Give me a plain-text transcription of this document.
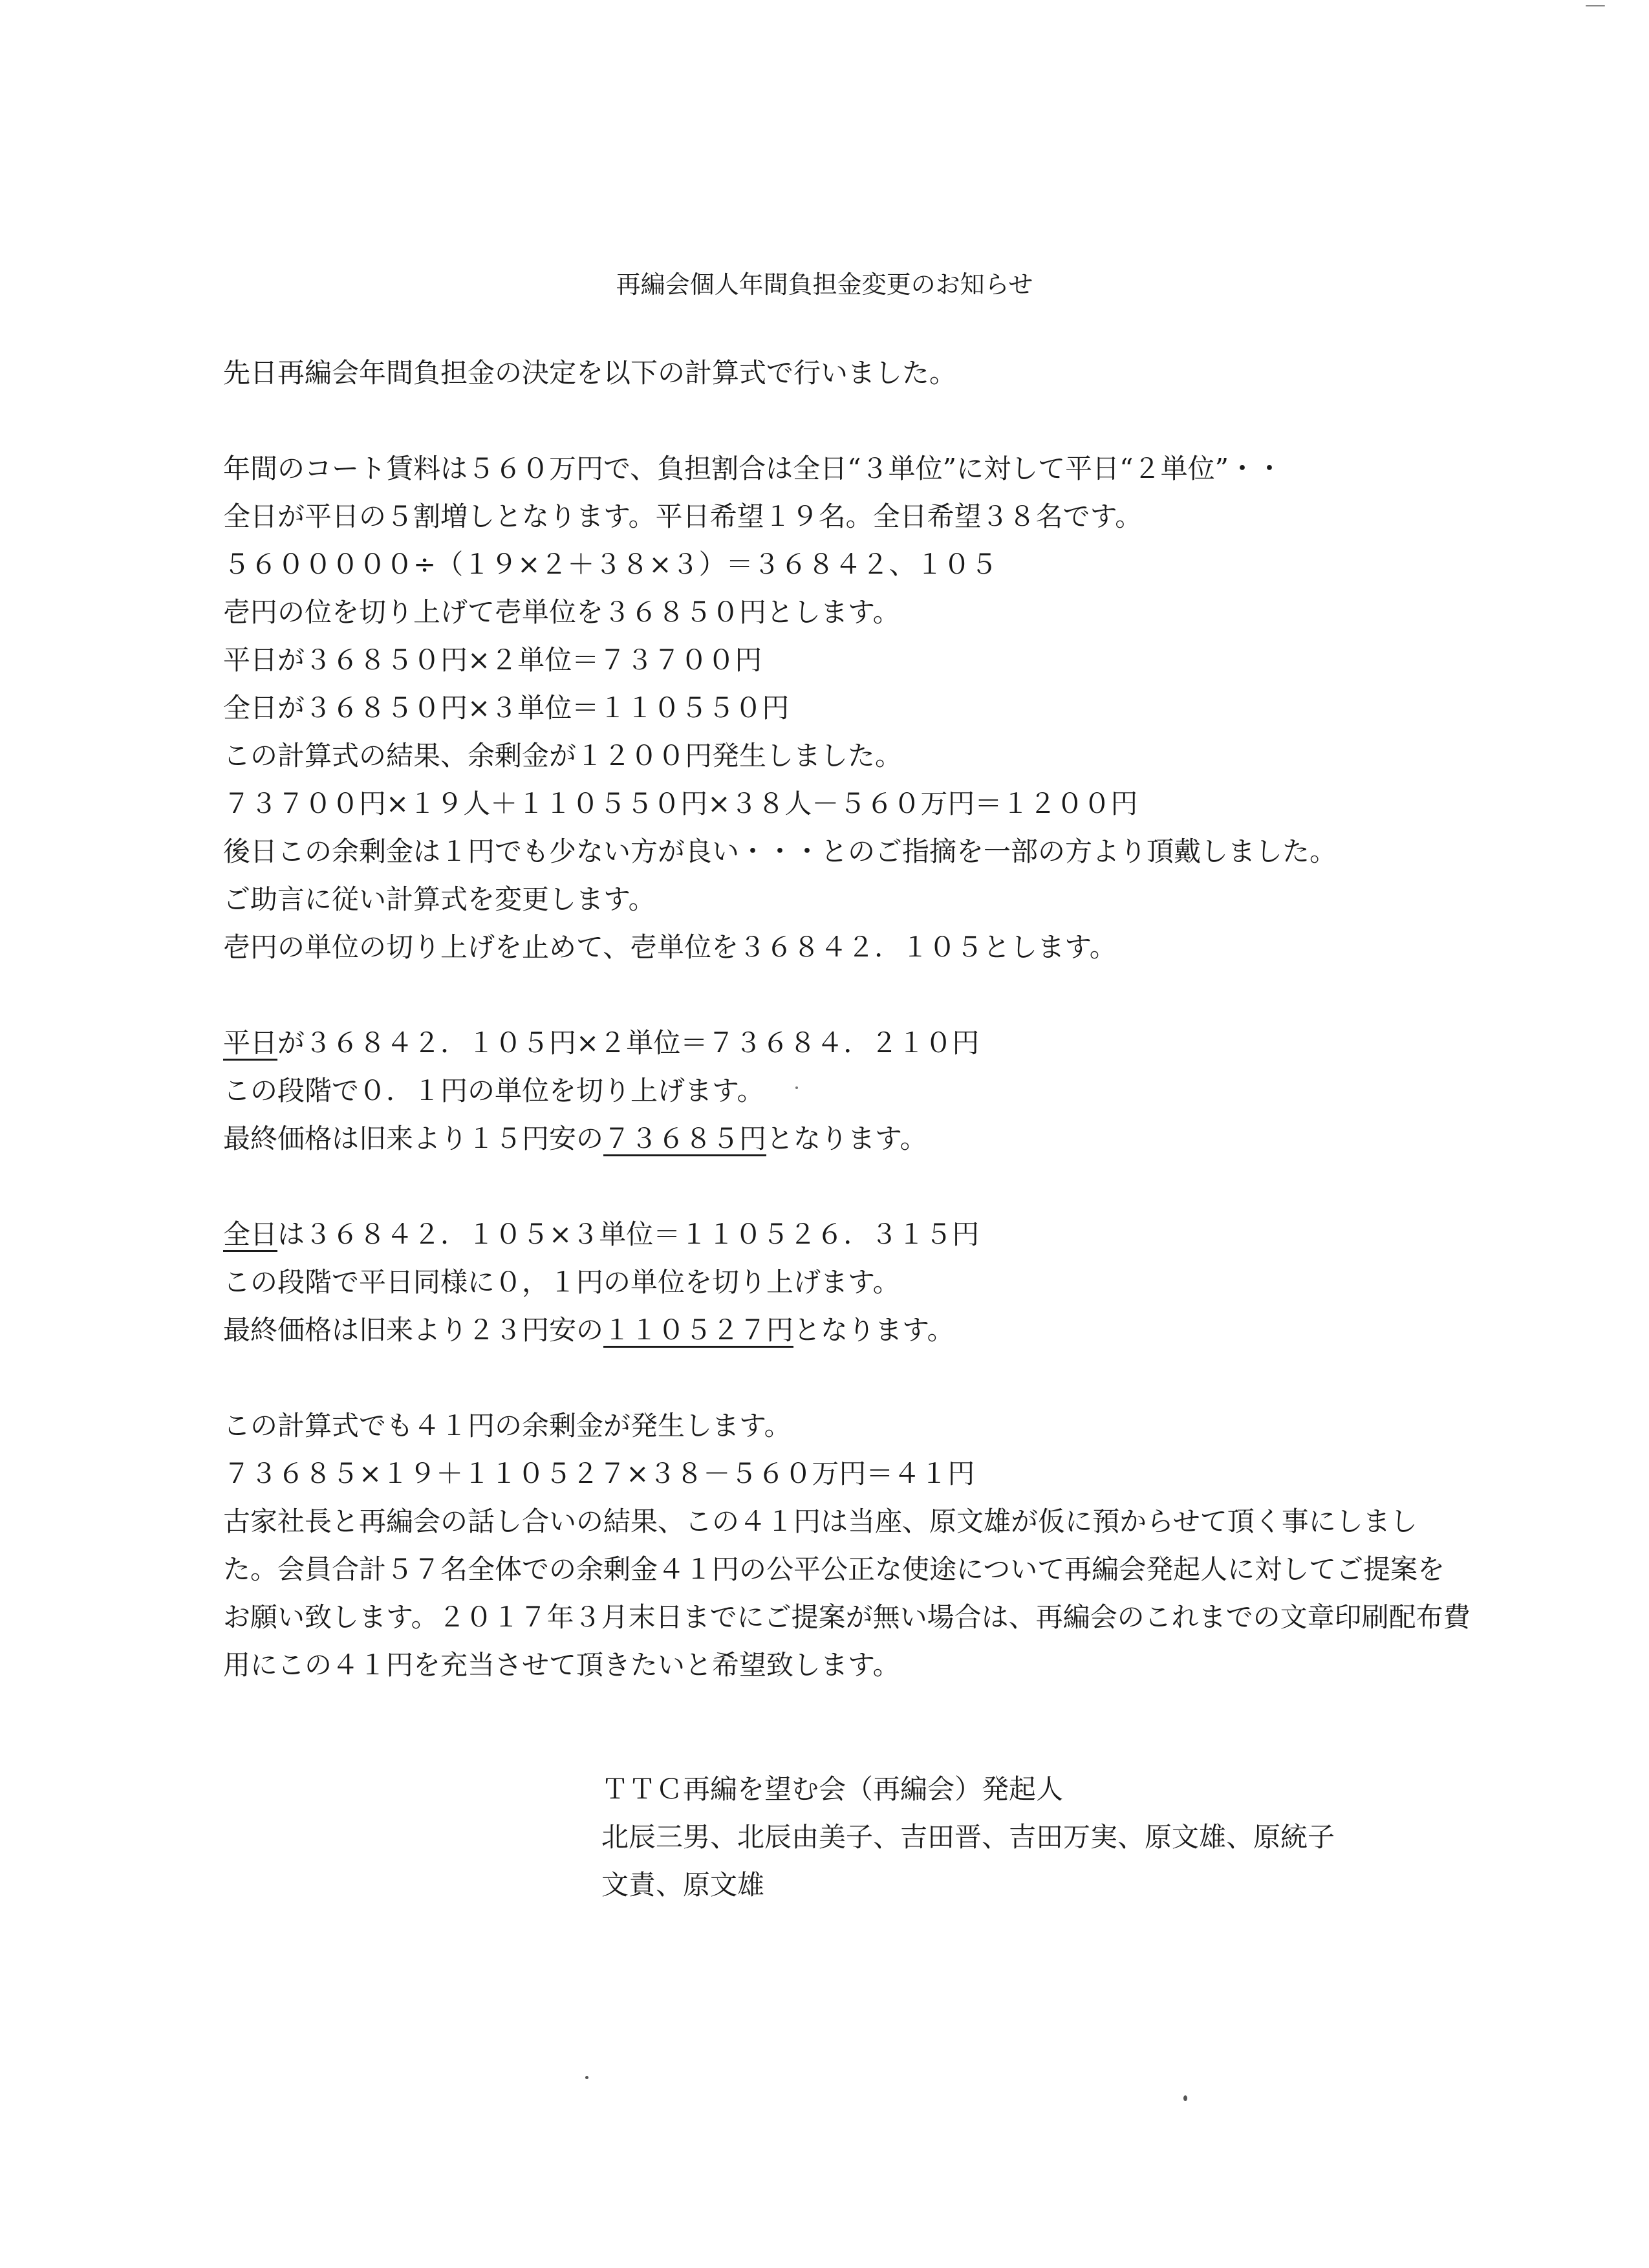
再編会個人年間負担金変更のお知らせ
先日再編会年間負担金の決定を以下の計算式で行いました。
年間のコート賃料は５６０万円で、負担割合は全日“３単位”に対して平日“２単位”・・
全日が平日の５割増しとなります。平日希望１９名。全日希望３８名です。
５６０００００÷（１９×２＋３８×３）＝３６８４２、１０５
壱円の位を切り上げて壱単位を３６８５０円とします。
平日が３６８５０円×２単位＝７３７００円
全日が３６８５０円×３単位＝１１０５５０円
この計算式の結果、余剰金が１２００円発生しました。
７３７００円×１９人＋１１０５５０円×３８人－５６０万円＝１２００円
後日この余剰金は１円でも少ない方が良い・・・とのご指摘を一部の方より頂戴しました。
ご助言に従い計算式を変更します。
壱円の単位の切り上げを止めて、壱単位を３６８４２．１０５とします。
平日が３６８４２．１０５円×２単位＝７３６８４．２１０円
この段階で０．１円の単位を切り上げます。
最終価格は旧来より１５円安の７３６８５円となります。
全日は３６８４２．１０５×３単位＝１１０５２６．３１５円
この段階で平日同様に０，１円の単位を切り上げます。
最終価格は旧来より２３円安の１１０５２７円となります。
この計算式でも４１円の余剰金が発生します。
７３６８５×１９＋１１０５２７×３８－５６０万円＝４１円
古家社長と再編会の話し合いの結果、この４１円は当座、原文雄が仮に預からせて頂く事にしました。会員合計５７名全体での余剰金４１円の公平公正な使途について再編会発起人に対してご提案をお願い致します。２０１７年３月末日までにご提案が無い場合は、再編会のこれまでの文章印刷配布費用にこの４１円を充当させて頂きたいと希望致します。
ＴＴＣ再編を望む会（再編会）発起人
北辰三男、北辰由美子、吉田晋、吉田万実、原文雄、原統子
文責、原文雄
